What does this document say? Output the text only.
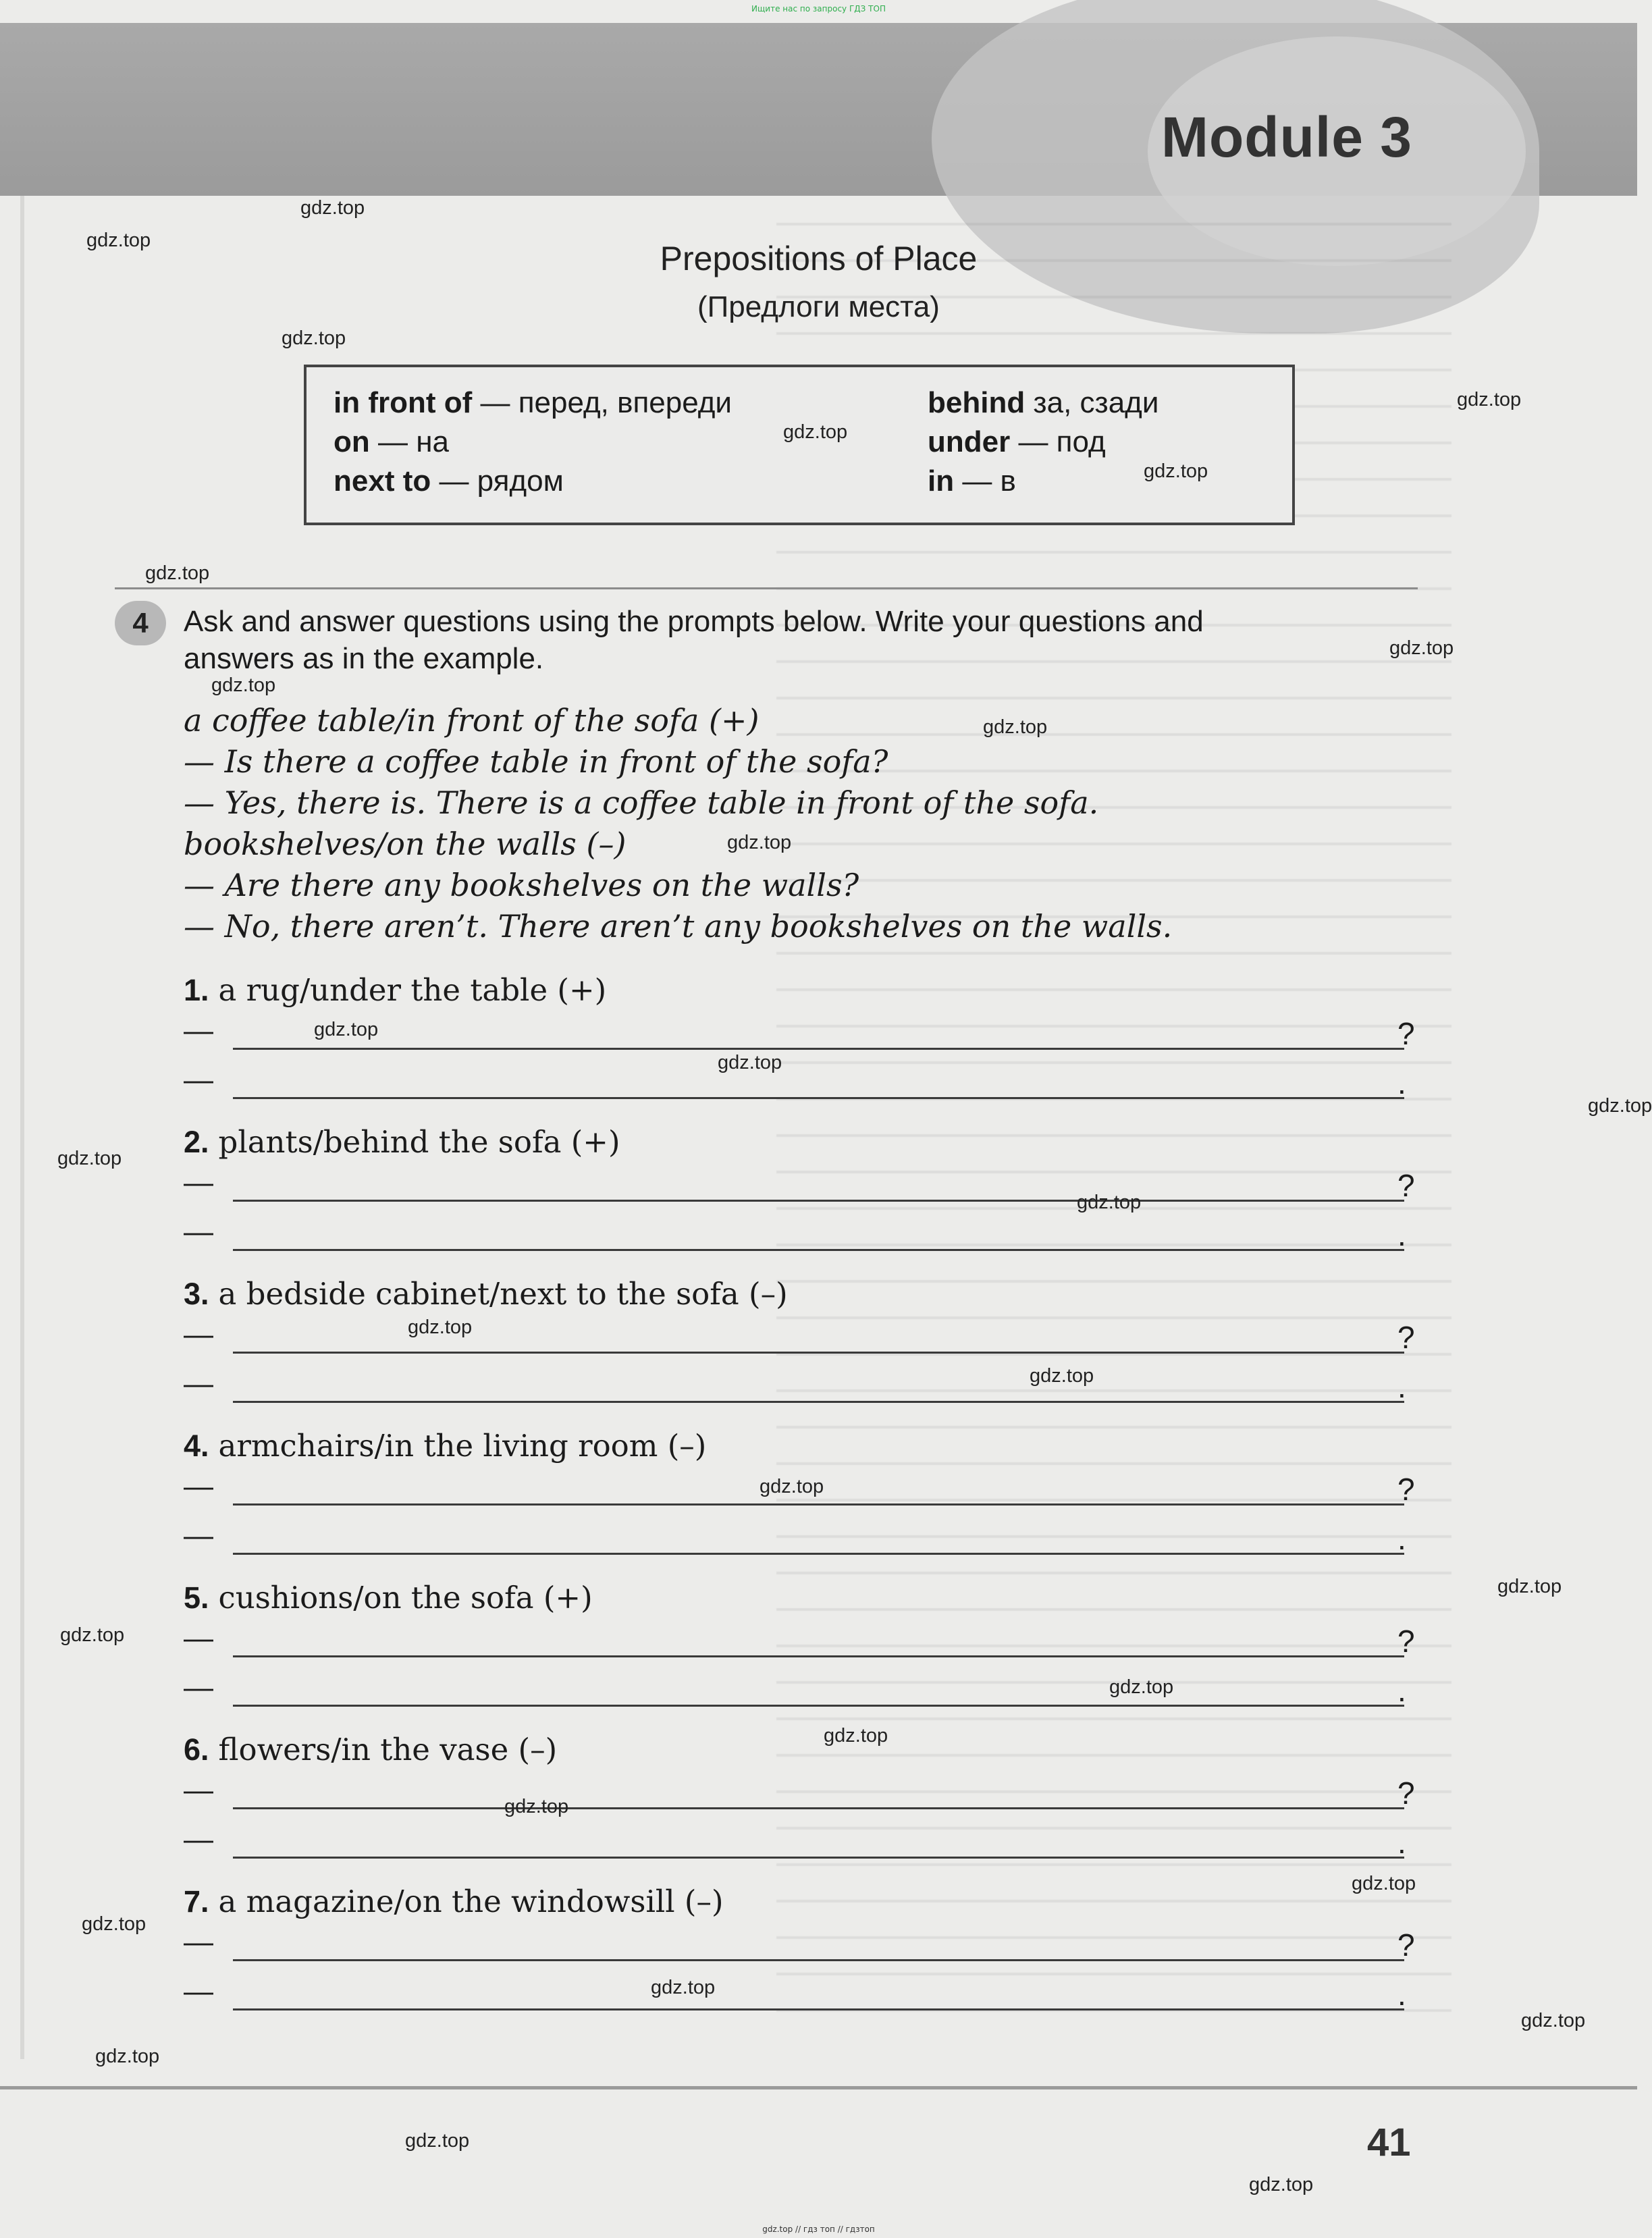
Ищите нас по запросу ГДЗ ТОП
Module 3
Prepositions of Place
(Предлоги места)
in front of — перед, впереди
on — на
next to — рядом
behind за, сзади
under — под
in — в
4	Ask and answer questions using the prompts below. Write your questions and
answers as in the example.
a coffee table/in front of the sofa (+)
— Is there a coffee table in front of the sofa?
— Yes, there is. There is a coffee table in front of the sofa.
bookshelves/on the walls (–)
— Are there any bookshelves on the walls?
— No, there aren’t. There aren’t any bookshelves on the walls.
1. a rug/under the table (+)
—	?
—	.
2. plants/behind the sofa (+)
—	?
—	.
3. a bedside cabinet/next to the sofa (–)
—	?
—	.
4. armchairs/in the living room (–)
—	?
—	.
5. cushions/on the sofa (+)
—	?
—	.
6. flowers/in the vase (–)
—	?
—	.
7. a magazine/on the windowsill (–)
—	?
—	.
41
gdz.top // гдз топ // гдзтоп
gdz.top
gdz.top
gdz.top
gdz.top
gdz.top
gdz.top
gdz.top
gdz.top
gdz.top
gdz.top
gdz.top
gdz.top
gdz.top
gdz.top
gdz.top
gdz.top
gdz.top
gdz.top
gdz.top
gdz.top
gdz.top
gdz.top
gdz.top
gdz.top
gdz.top
gdz.top
gdz.top
gdz.top
gdz.top
gdz.top
gdz.top
